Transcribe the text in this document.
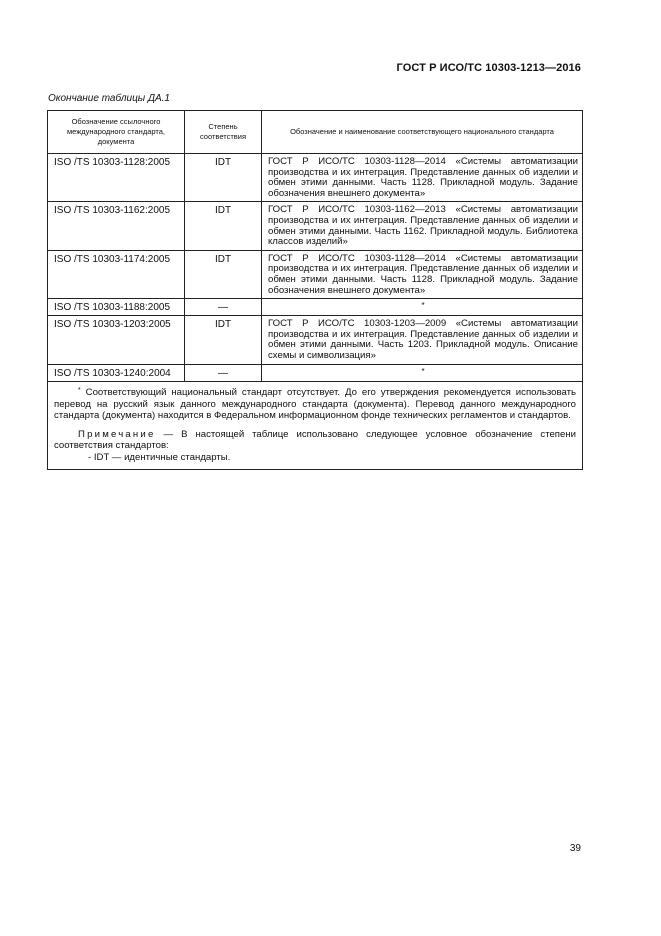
ГОСТ Р ИСО/ТС 10303-1213—2016
Окончание таблицы ДА.1
Обозначение ссылочного международного стандарта, документа	Степень соответствия	Обозначение и наименование соответствующего национального стандарта
ISO /TS 10303-1128:2005	IDT	ГОСТ Р ИСО/ТС 10303-1128—2014 «Системы автоматизации производства и их интеграция. Представление данных об изделии и обмен этими данными. Часть 1128. Прикладной модуль. Задание обозначения внешнего документа»
ISO /TS 10303-1162:2005	IDT	ГОСТ Р ИСО/ТС 10303-1162—2013 «Системы автоматизации производства и их интеграция. Представление данных об изделии и обмен этими данными. Часть 1162. Прикладной модуль. Библиотека классов изделий»
ISO /TS 10303-1174:2005	IDT	ГОСТ Р ИСО/ТС 10303-1128—2014 «Системы автоматизации производства и их интеграция. Представление данных об изделии и обмен этими данными. Часть 1128. Прикладной модуль. Задание обозначения внешнего документа»
ISO /TS 10303-1188:2005	—	*
ISO /TS 10303-1203:2005	IDT	ГОСТ Р ИСО/ТС 10303-1203—2009 «Системы автоматизации производства и их интеграция. Представление данных об изделии и обмен этими данными. Часть 1203. Прикладной модуль. Описание схемы и символизация»
ISO /TS 10303-1240:2004	—	*

* Соответствующий национальный стандарт отсутствует. До его утверждения рекомендуется использовать перевод на русский язык данного международного стандарта (документа). Перевод данного международного стандарта (документа) находится в Федеральном информационном фонде технических регламентов и стандартов.

Примечание — В настоящей таблице использовано следующее условное обозначение степени соответствия стандартов:

- IDT — идентичные стандарты.		

39
